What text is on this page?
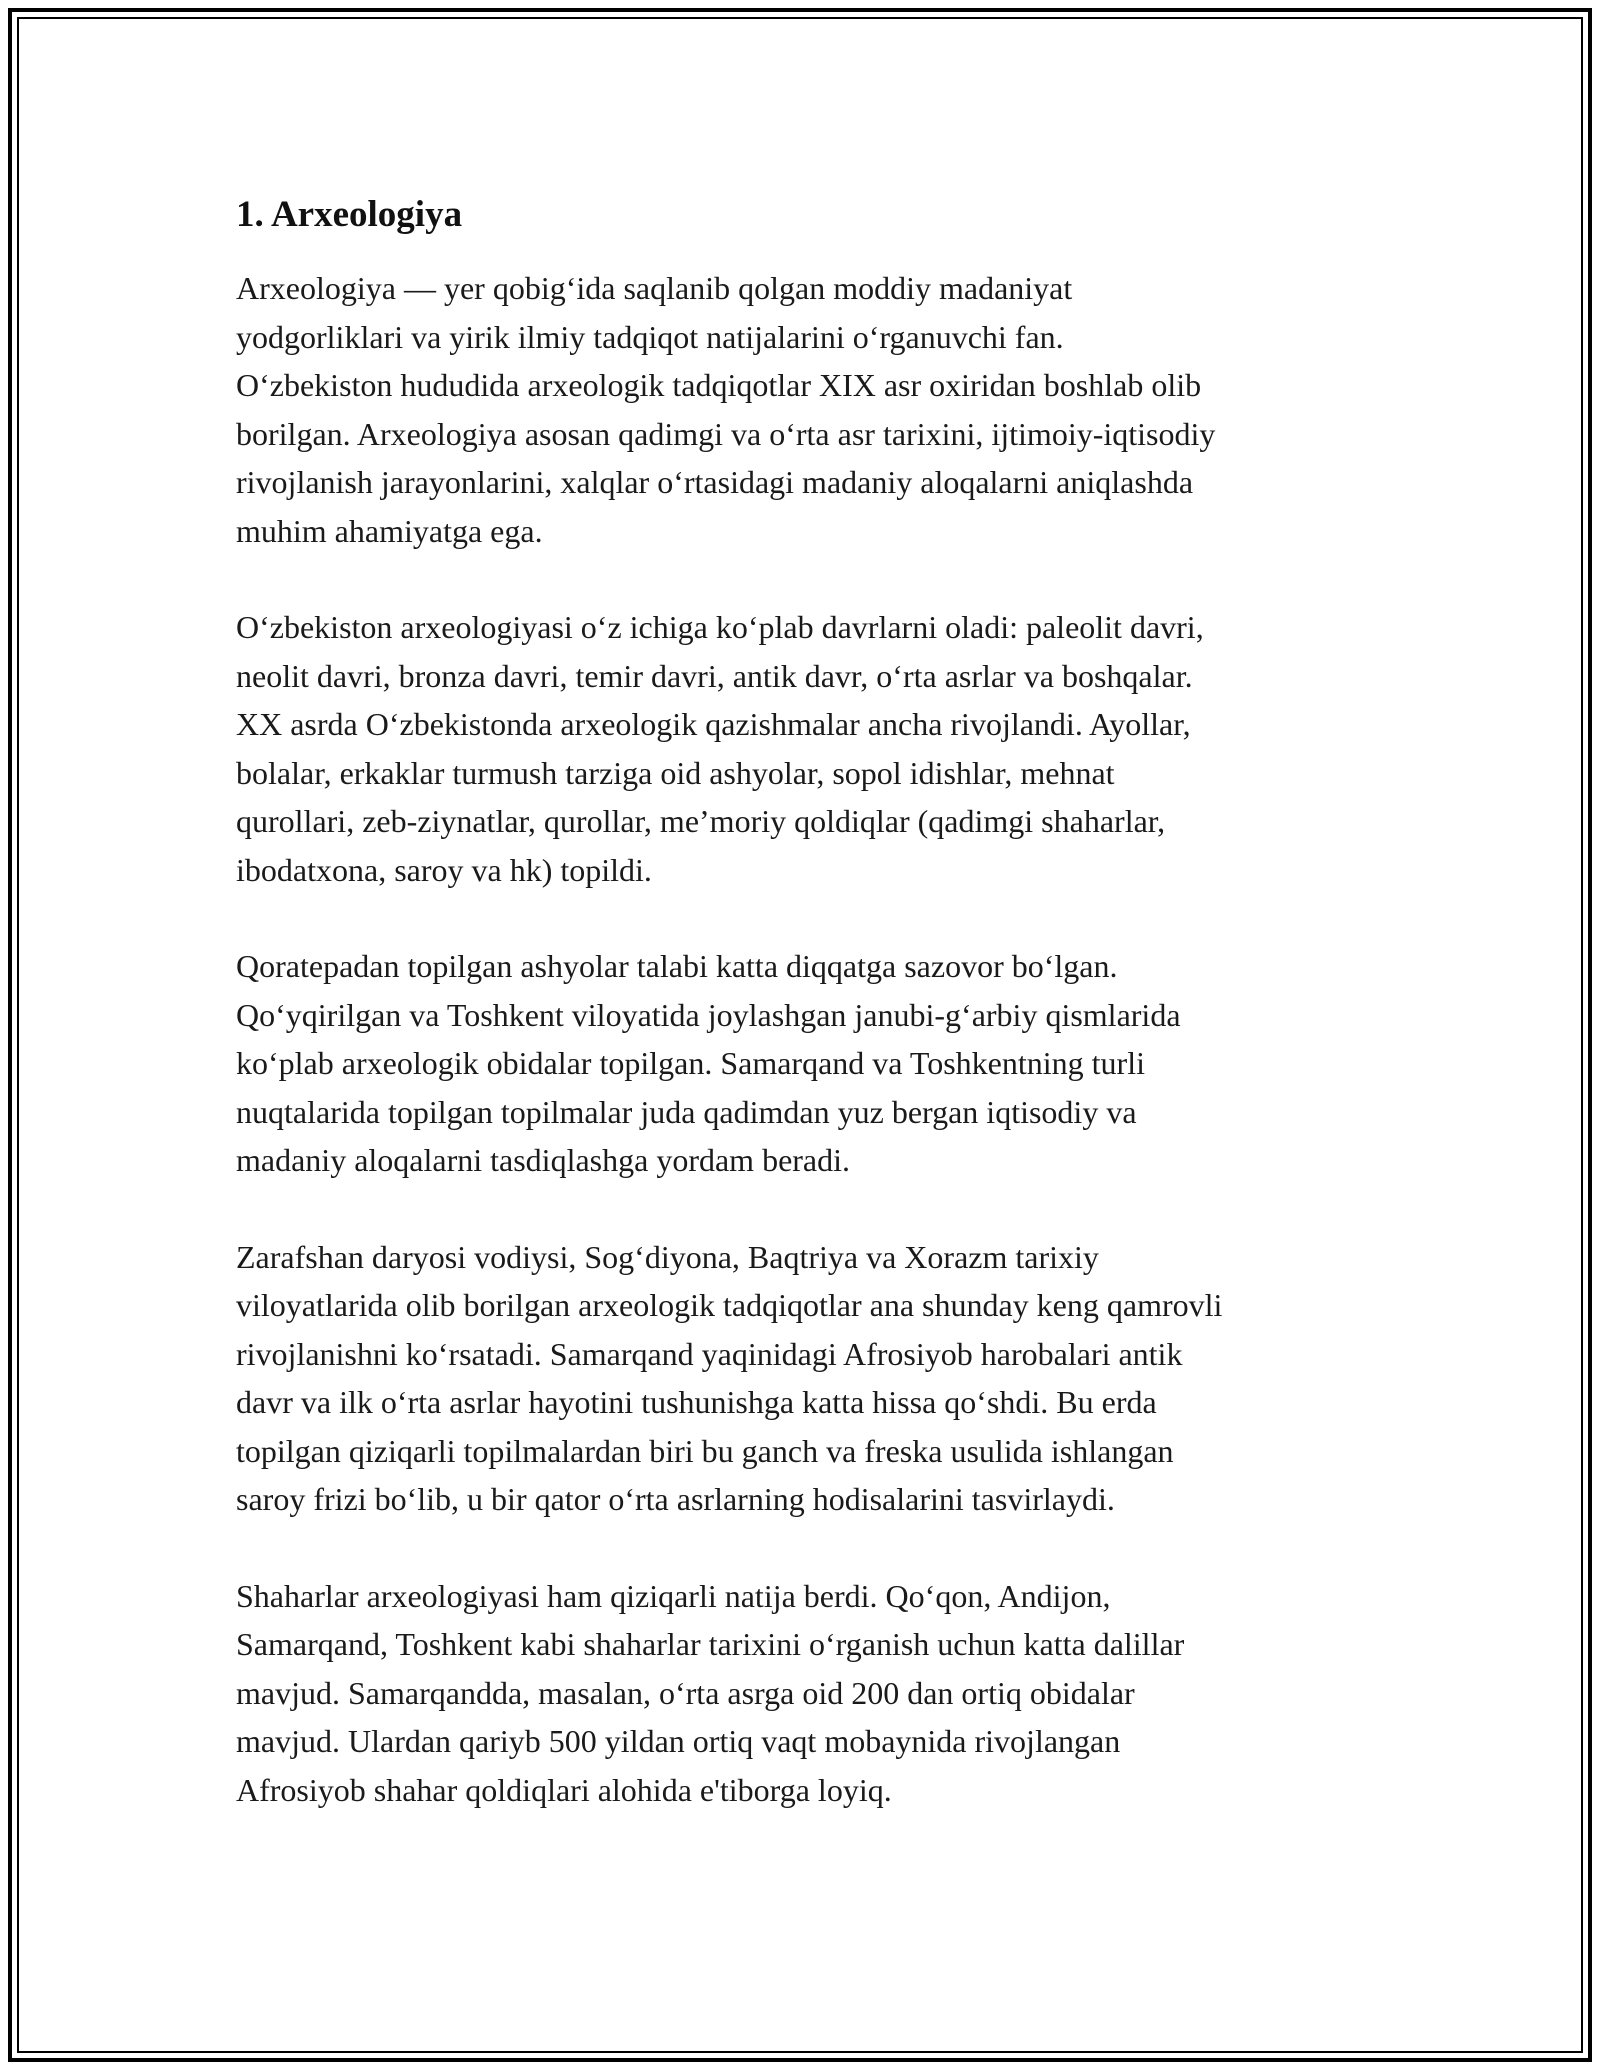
1. Arxeologiya

Arxeologiya — yer qobig‘ida saqlanib qolgan moddiy madaniyat
yodgorliklari va yirik ilmiy tadqiqot natijalarini o‘rganuvchi fan.
O‘zbekiston hududida arxeologik tadqiqotlar XIX asr oxiridan boshlab olib
borilgan. Arxeologiya asosan qadimgi va o‘rta asr tarixini, ijtimoiy-iqtisodiy
rivojlanish jarayonlarini, xalqlar o‘rtasidagi madaniy aloqalarni aniqlashda
muhim ahamiyatga ega.

O‘zbekiston arxeologiyasi o‘z ichiga ko‘plab davrlarni oladi: paleolit davri,
neolit davri, bronza davri, temir davri, antik davr, o‘rta asrlar va boshqalar.
XX asrda O‘zbekistonda arxeologik qazishmalar ancha rivojlandi. Ayollar,
bolalar, erkaklar turmush tarziga oid ashyolar, sopol idishlar, mehnat
qurollari, zeb-ziynatlar, qurollar, me’moriy qoldiqlar (qadimgi shaharlar,
ibodatxona, saroy va hk) topildi.

Qoratepadan topilgan ashyolar talabi katta diqqatga sazovor bo‘lgan.
Qo‘yqirilgan va Toshkent viloyatida joylashgan janubi-g‘arbiy qismlarida
ko‘plab arxeologik obidalar topilgan. Samarqand va Toshkentning turli
nuqtalarida topilgan topilmalar juda qadimdan yuz bergan iqtisodiy va
madaniy aloqalarni tasdiqlashga yordam beradi.

Zarafshan daryosi vodiysi, Sog‘diyona, Baqtriya va Xorazm tarixiy
viloyatlarida olib borilgan arxeologik tadqiqotlar ana shunday keng qamrovli
rivojlanishni ko‘rsatadi. Samarqand yaqinidagi Afrosiyob harobalari antik
davr va ilk o‘rta asrlar hayotini tushunishga katta hissa qo‘shdi. Bu erda
topilgan qiziqarli topilmalardan biri bu ganch va freska usulida ishlangan
saroy frizi bo‘lib, u bir qator o‘rta asrlarning hodisalarini tasvirlaydi.

Shaharlar arxeologiyasi ham qiziqarli natija berdi. Qo‘qon, Andijon,
Samarqand, Toshkent kabi shaharlar tarixini o‘rganish uchun katta dalillar
mavjud. Samarqandda, masalan, o‘rta asrga oid 200 dan ortiq obidalar
mavjud. Ulardan qariyb 500 yildan ortiq vaqt mobaynida rivojlangan
Afrosiyob shahar qoldiqlari alohida e'tiborga loyiq.
